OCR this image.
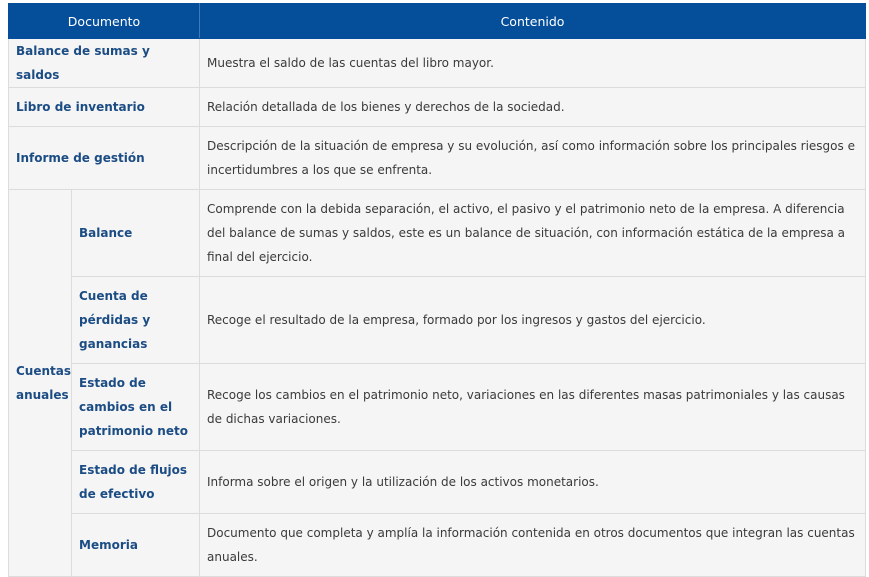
Documento		Contenido
Balance de sumas y saldos		Muestra el saldo de las cuentas del libro mayor.
Libro de inventario		Relación detallada de los bienes y derechos de la sociedad.
Informe de gestión		Descripción de la situación de empresa y su evolución, así como información sobre los principales riesgos e incertidumbres a los que se enfrenta.
Cuentas anuales	Balance	Comprende con la debida separación, el activo, el pasivo y el patrimonio neto de la empresa. A diferencia del balance de sumas y saldos, este es un balance de situación, con información estática de la empresa a final del ejercicio.
	Cuenta de pérdidas y ganancias	Recoge el resultado de la empresa, formado por los ingresos y gastos del ejercicio.
	Estado de cambios en el patrimonio neto	Recoge los cambios en el patrimonio neto, variaciones en las diferentes masas patrimoniales y las causas de dichas variaciones.
	Estado de flujos de efectivo	Informa sobre el origen y la utilización de los activos monetarios.
	Memoria	Documento que completa y amplía la información contenida en otros documentos que integran las cuentas anuales.
